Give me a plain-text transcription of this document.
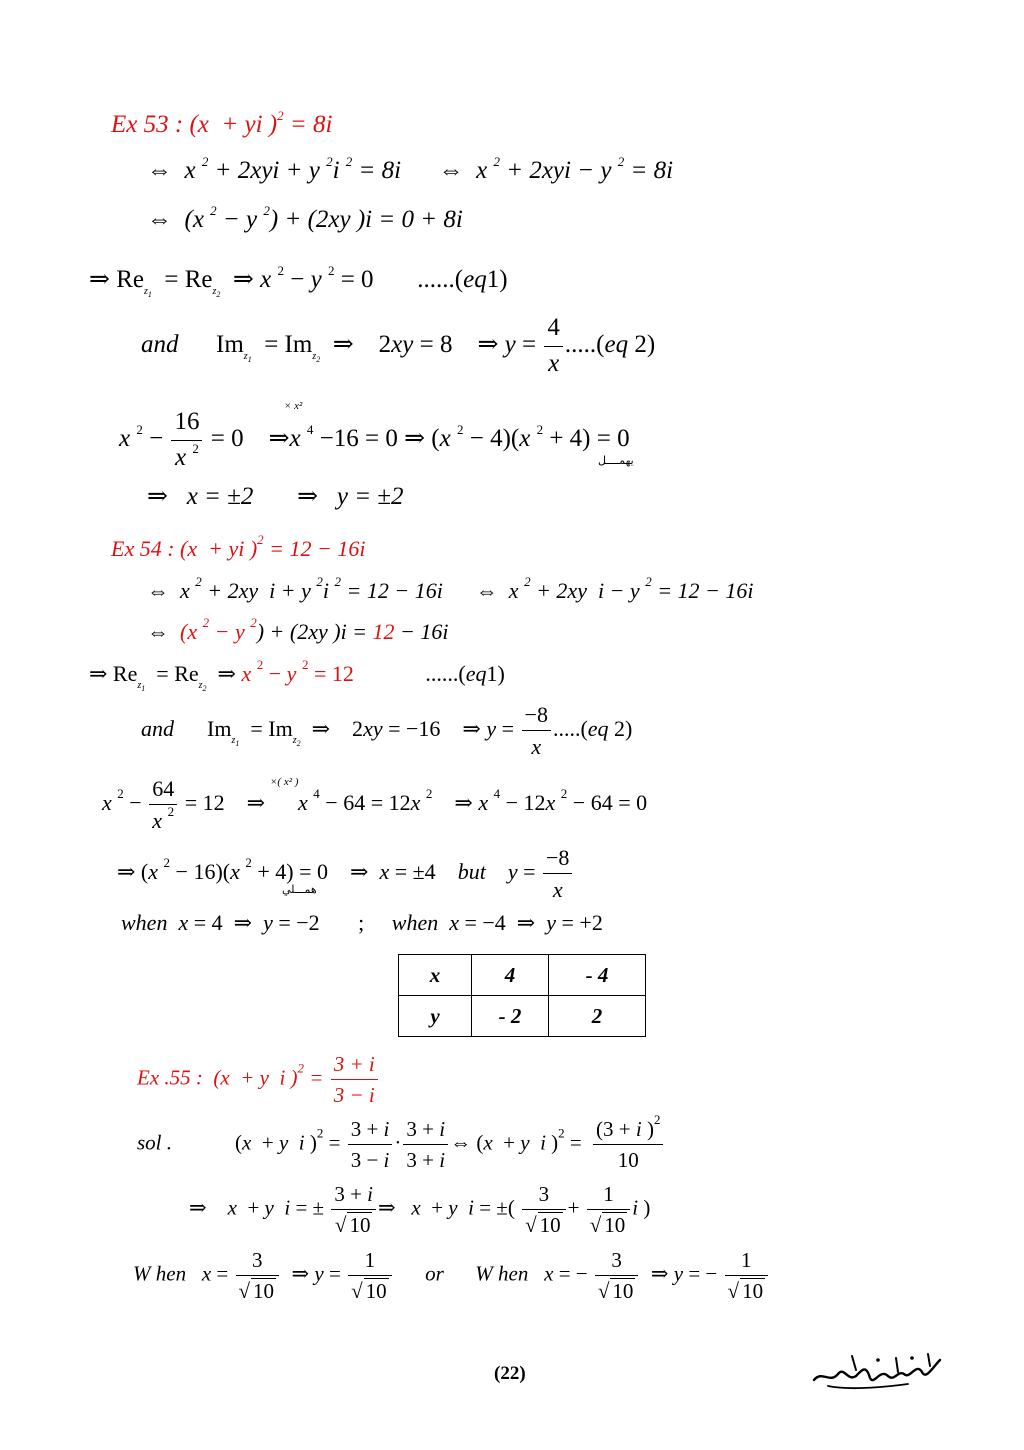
Ex 53 : (x  + yi )$^2$ = 8i
⇔  x $^2$ + 2xyi + y $^2$i $^2$ = 8i      ⇔  x $^2$ + 2xyi − y $^2$ = 8i
⇔  (x $^2$ − y $^2$) + (2xy )i = 0 + 8i
⇒ $Re_{z_1} = Re_{z_2}$  ⇒ x $^2$ − y $^2$ = 0       ......(eq1)
and      $Im_{z_1} = Im_{z_2}$  ⇒    2xy = 8    ⇒ $y = \frac{4}{x} .....(eq$ 2)
× x²
x $^2 - \frac{16}{x ^2} = 0$    ⇒x $^4$ −16 = 0 ⇒ (x $^2$ − 4)(x $^2$ + 4) = 0
يهمــــل
⇒   x = ±2       ⇒   y = ±2
Ex 54 : (x  + yi )$^2$ = 12 − 16i
⇔  x $^2$ + 2xy  i + y $^2$i $^2$ = 12 − 16i      ⇔  x $^2$ + 2xy  i − y $^2$ = 12 − 16i
⇔  (x $^2$ − y $^2$) + (2xy )i = 12 − 16i
⇒ $Re_{z_1} = Re_{z_2}$  ⇒ x $^2$ − y $^2$ = 12             ......(eq1)
and      $Im_{z_1} = Im_{z_2}$  ⇒    2xy = −16    ⇒ $y = \frac{-8}{x} .....(eq$ 2)
×( x² )
x $^2 - \frac{64}{x ^2} = 12$    ⇒      x $^4$ − 64 = 12x $^2$    ⇒ x $^4$ − 12x $^2$ − 64 = 0
⇒ (x $^2$ − 16)(x $^2$ + 4) = 0    ⇒  x = ±4    but $y = \frac{-8}{x}$
همـــلي
when x = 4  ⇒  y = −2       ;     when x = −4  ⇒  y = +2
x	4	- 4
y	- 2	2
Ex .55 :  (x  + y  i )$^2 = \frac{3 + i}{3 - i}$
sol .            (x  + y i )$^2 = \frac{3 + i}{3 - i} \cdot \frac{3 + i}{3 + i}$ ⇔ (x  + y i )$^2 = \frac{(3 + i )^2}{10}$
⇒    x  + y i = ± $\frac{3 + i}{√ 10}$ ⇒   x  + y i = ±( $\frac{3}{√ 10} + \frac{1}{√ 10}$ i )
W hen $x = \frac{3}{√ 10}$ ⇒ $y = \frac{1}{√ 10}$ or W hen x = − $\frac{3}{√ 10}$ ⇒ y = − $\frac{1}{√ 10}$
(22)
